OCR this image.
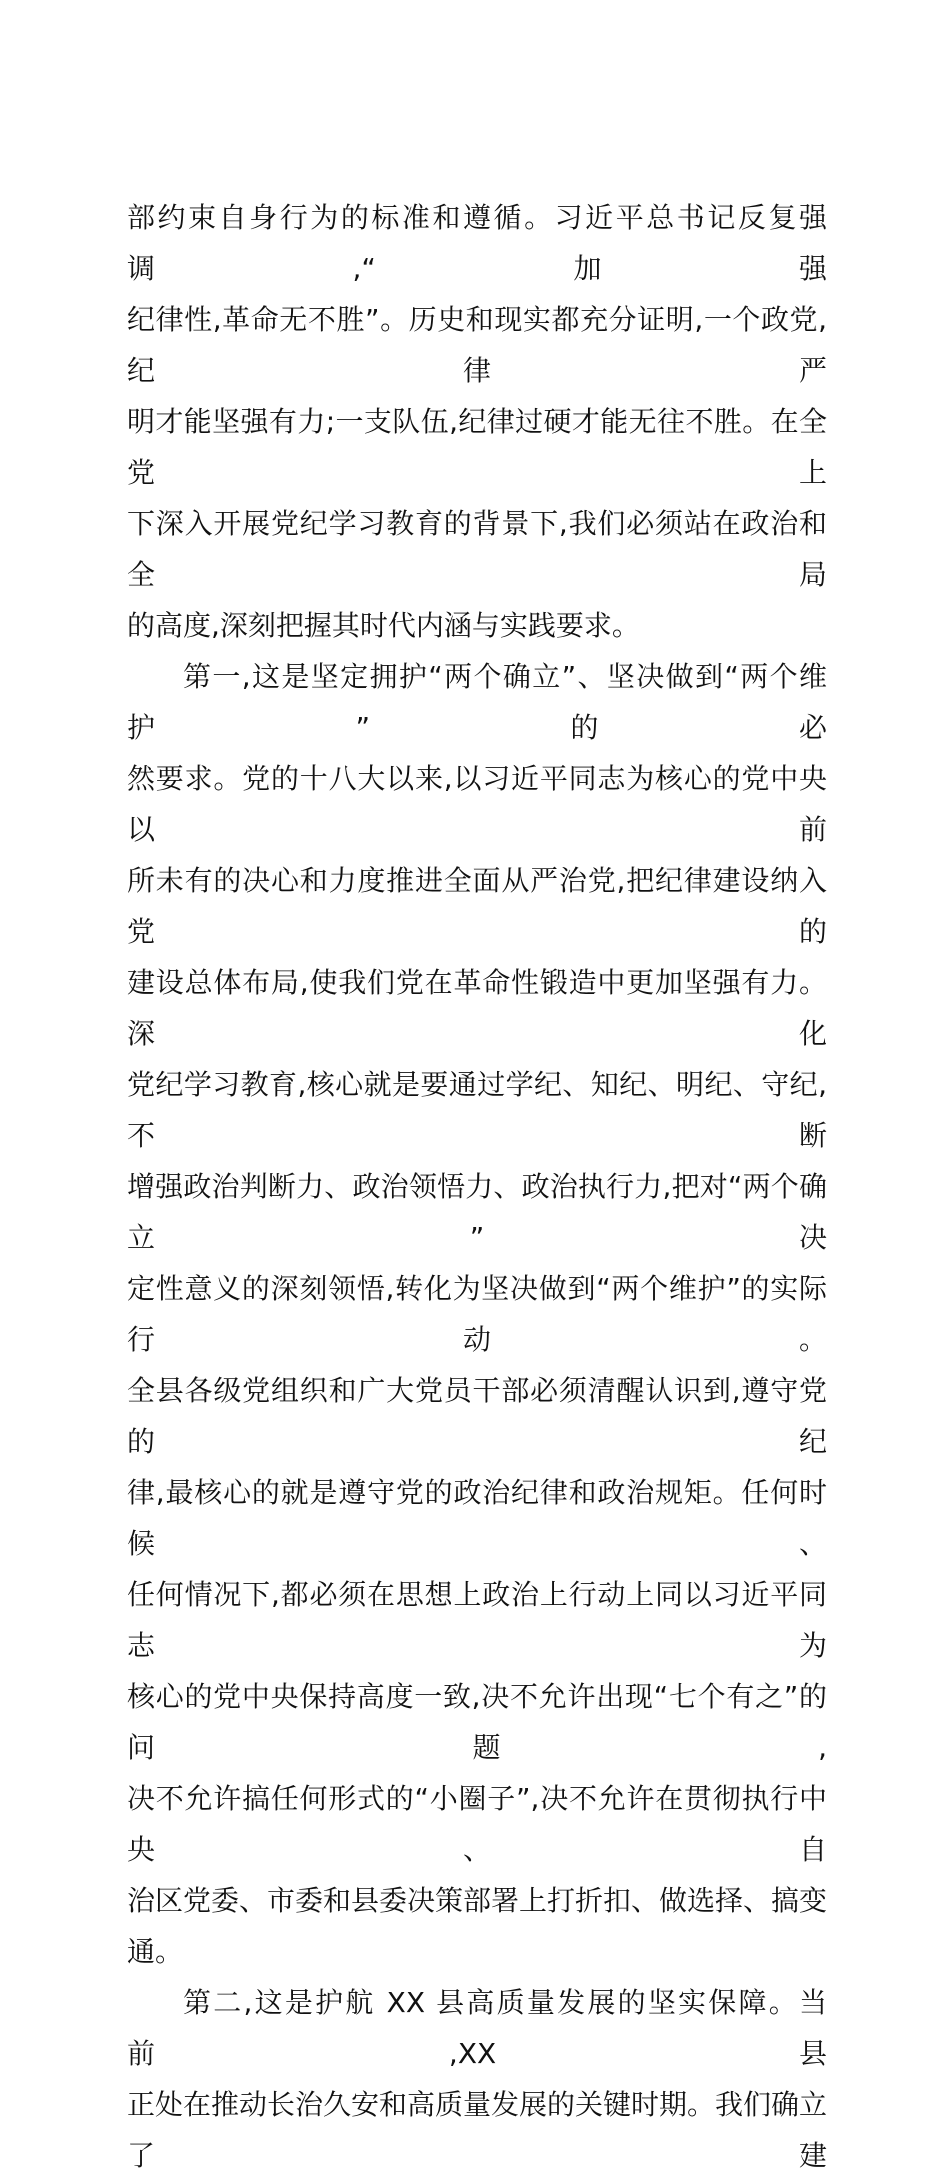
部约束自身行为的标准和遵循。习近平总书记反复强调,“加强
纪律性,革命无不胜”。历史和现实都充分证明,一个政党,纪律严
明才能坚强有力;一支队伍,纪律过硬才能无往不胜。在全党上
下深入开展党纪学习教育的背景下,我们必须站在政治和全局
的高度,深刻把握其时代内涵与实践要求。

第一,这是坚定拥护“两个确立”、坚决做到“两个维护”的必
然要求。党的十八大以来,以习近平同志为核心的党中央以前
所未有的决心和力度推进全面从严治党,把纪律建设纳入党的
建设总体布局,使我们党在革命性锻造中更加坚强有力。深化
党纪学习教育,核心就是要通过学纪、知纪、明纪、守纪,不断
增强政治判断力、政治领悟力、政治执行力,把对“两个确立”决
定性意义的深刻领悟,转化为坚决做到“两个维护”的实际行动。
全县各级党组织和广大党员干部必须清醒认识到,遵守党的纪
律,最核心的就是遵守党的政治纪律和政治规矩。任何时候、
任何情况下,都必须在思想上政治上行动上同以习近平同志为
核心的党中央保持高度一致,决不允许出现“七个有之”的问题,
决不允许搞任何形式的“小圈子”,决不允许在贯彻执行中央、自
治区党委、市委和县委决策部署上打折扣、做选择、搞变通。

第二,这是护航 XX 县高质量发展的坚实保障。当前,XX 县
正处在推动长治久安和高质量发展的关键时期。我们确立了建
